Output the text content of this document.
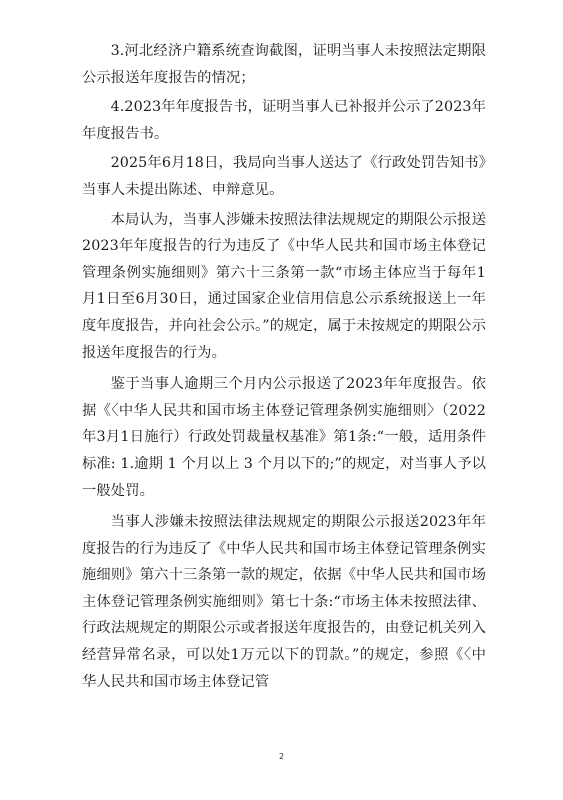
3.河北经济户籍系统查询截图，证明当事人未按照法定期限公示报送年度报告的情况；

4.2023年年度报告书，证明当事人已补报并公示了2023年年度报告书。

2025年6月18日，我局向当事人送达了《行政处罚告知书》当事人未提出陈述、申辩意见。

本局认为，当事人涉嫌未按照法律法规规定的期限公示报送2023年年度报告的行为违反了《中华人民共和国市场主体登记管理条例实施细则》第六十三条第一款“市场主体应当于每年1月1日至6月30日，通过国家企业信用信息公示系统报送上一年度年度报告，并向社会公示。”的规定，属于未按规定的期限公示报送年度报告的行为。

鉴于当事人逾期三个月内公示报送了2023年年度报告。依据《〈中华人民共和国市场主体登记管理条例实施细则〉（2022年3月1日施行）行政处罚裁量权基准》第1条:“一般，适用条件标准: 1.逾期 1 个月以上 3 个月以下的;”的规定，对当事人予以一般处罚。

当事人涉嫌未按照法律法规规定的期限公示报送2023年年度报告的行为违反了《中华人民共和国市场主体登记管理条例实施细则》第六十三条第一款的规定，依据《中华人民共和国市场主体登记管理条例实施细则》第七十条:“市场主体未按照法律、行政法规规定的期限公示或者报送年度报告的，由登记机关列入经营异常名录，可以处1万元以下的罚款。”的规定，参照《〈中华人民共和国市场主体登记管

2
